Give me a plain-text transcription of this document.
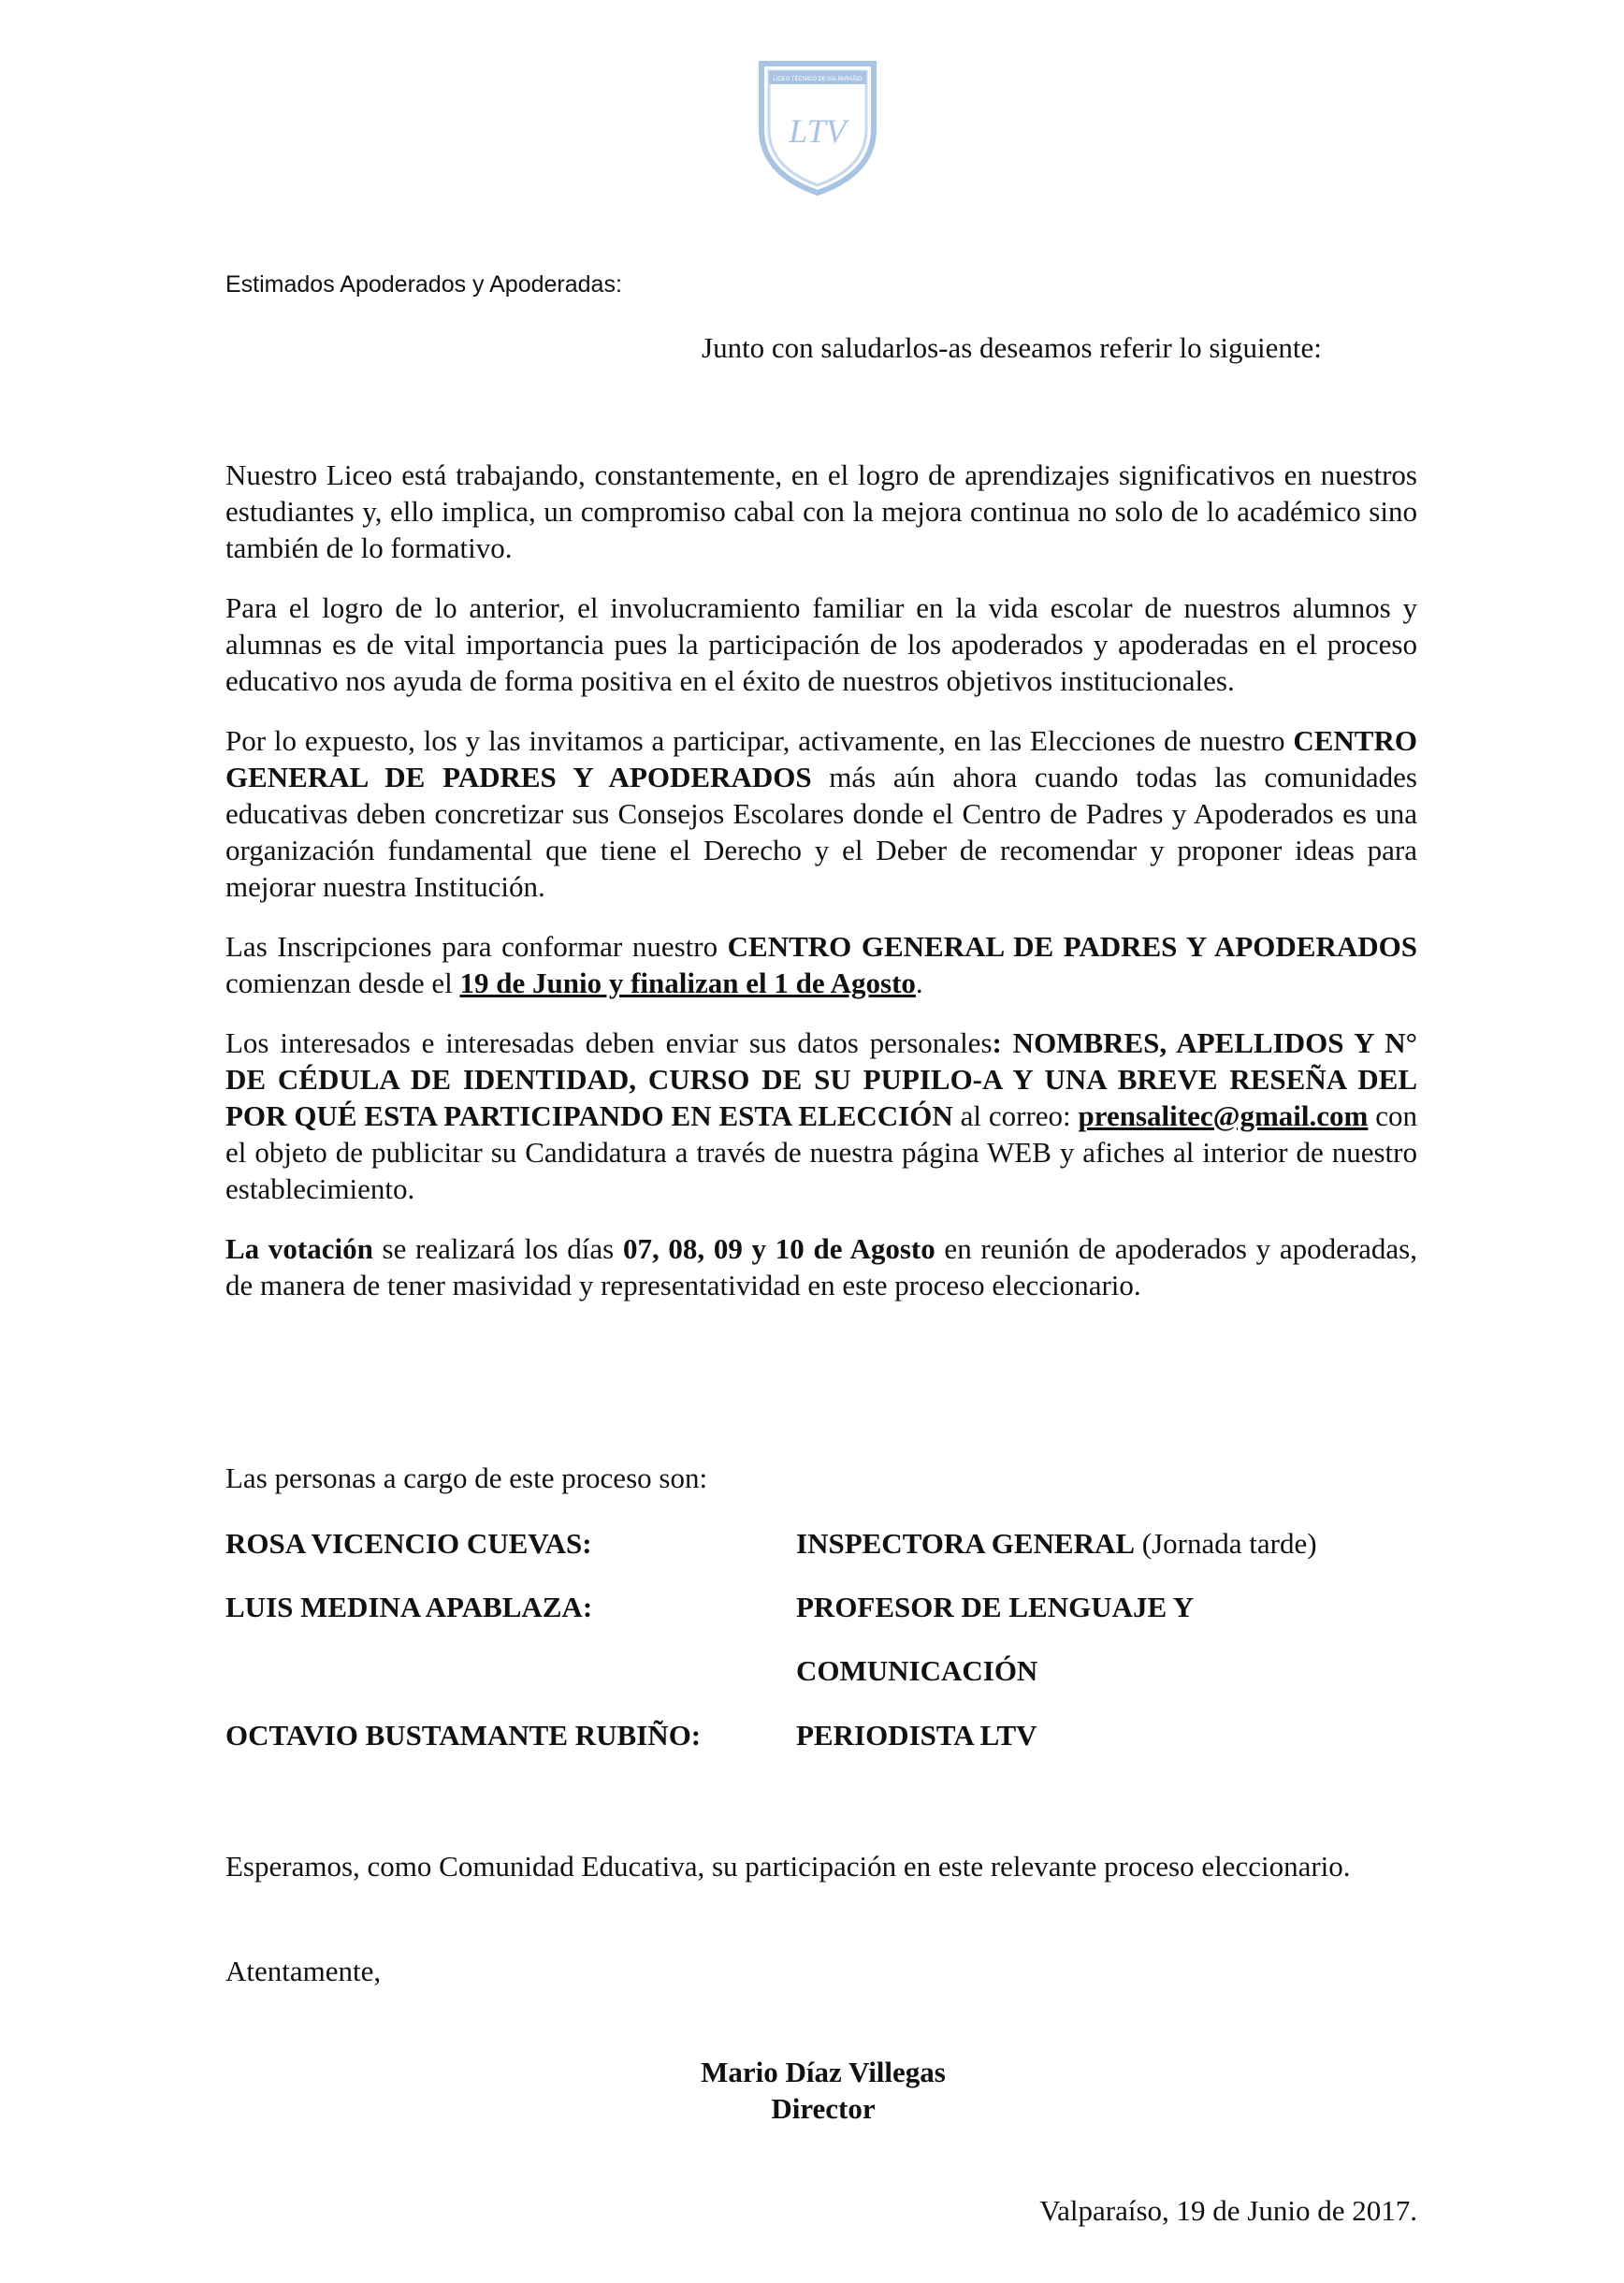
LICEO TÉCNICO DE VALPARAÍSO
LTV
Estimados Apoderados y Apoderadas:
Junto con saludarlos-as deseamos referir lo siguiente:

Nuestro Liceo está trabajando, constantemente, en el logro de aprendizajes significativos en nuestros estudiantes y, ello implica, un compromiso cabal con la mejora continua no solo de lo académico sino también de lo formativo.

Para el logro de lo anterior, el involucramiento familiar en la vida escolar de nuestros alumnos y alumnas es de vital importancia pues la participación de los apoderados y apoderadas en el proceso educativo nos ayuda de forma positiva en el éxito de nuestros objetivos institucionales.

Por lo expuesto, los y las invitamos a participar, activamente, en las Elecciones de nuestro CENTRO GENERAL DE PADRES Y APODERADOS más aún ahora cuando todas las comunidades educativas deben concretizar sus Consejos Escolares donde el Centro de Padres y Apoderados es una organización fundamental que tiene el Derecho y el Deber de recomendar y proponer ideas para mejorar nuestra Institución.

Las Inscripciones para conformar nuestro CENTRO GENERAL DE PADRES Y APODERADOS comienzan desde el 19 de Junio y finalizan el 1 de Agosto.

Los interesados e interesadas deben enviar sus datos personales: NOMBRES, APELLIDOS Y N° DE CÉDULA DE IDENTIDAD, CURSO DE SU PUPILO-A Y UNA BREVE RESEÑA DEL POR QUÉ ESTA PARTICIPANDO EN ESTA ELECCIÓN al correo: prensalitec@gmail.com con el objeto de publicitar su Candidatura a través de nuestra página WEB y afiches al interior de nuestro establecimiento.

La votación se realizará los días 07, 08, 09 y 10 de Agosto en reunión de apoderados y apoderadas, de manera de tener masividad y representatividad en este proceso eleccionario.

Las personas a cargo de este proceso son:
ROSA VICENCIO CUEVAS:	INSPECTORA GENERAL (Jornada tarde)
LUIS MEDINA APABLAZA:	PROFESOR DE LENGUAJE Y
COMUNICACIÓN
OCTAVIO BUSTAMANTE RUBIÑO:	PERIODISTA LTV
Esperamos, como Comunidad Educativa, su participación en este relevante proceso eleccionario.
Atentamente,
Mario Díaz Villegas
Director
Valparaíso, 19 de Junio de 2017.
